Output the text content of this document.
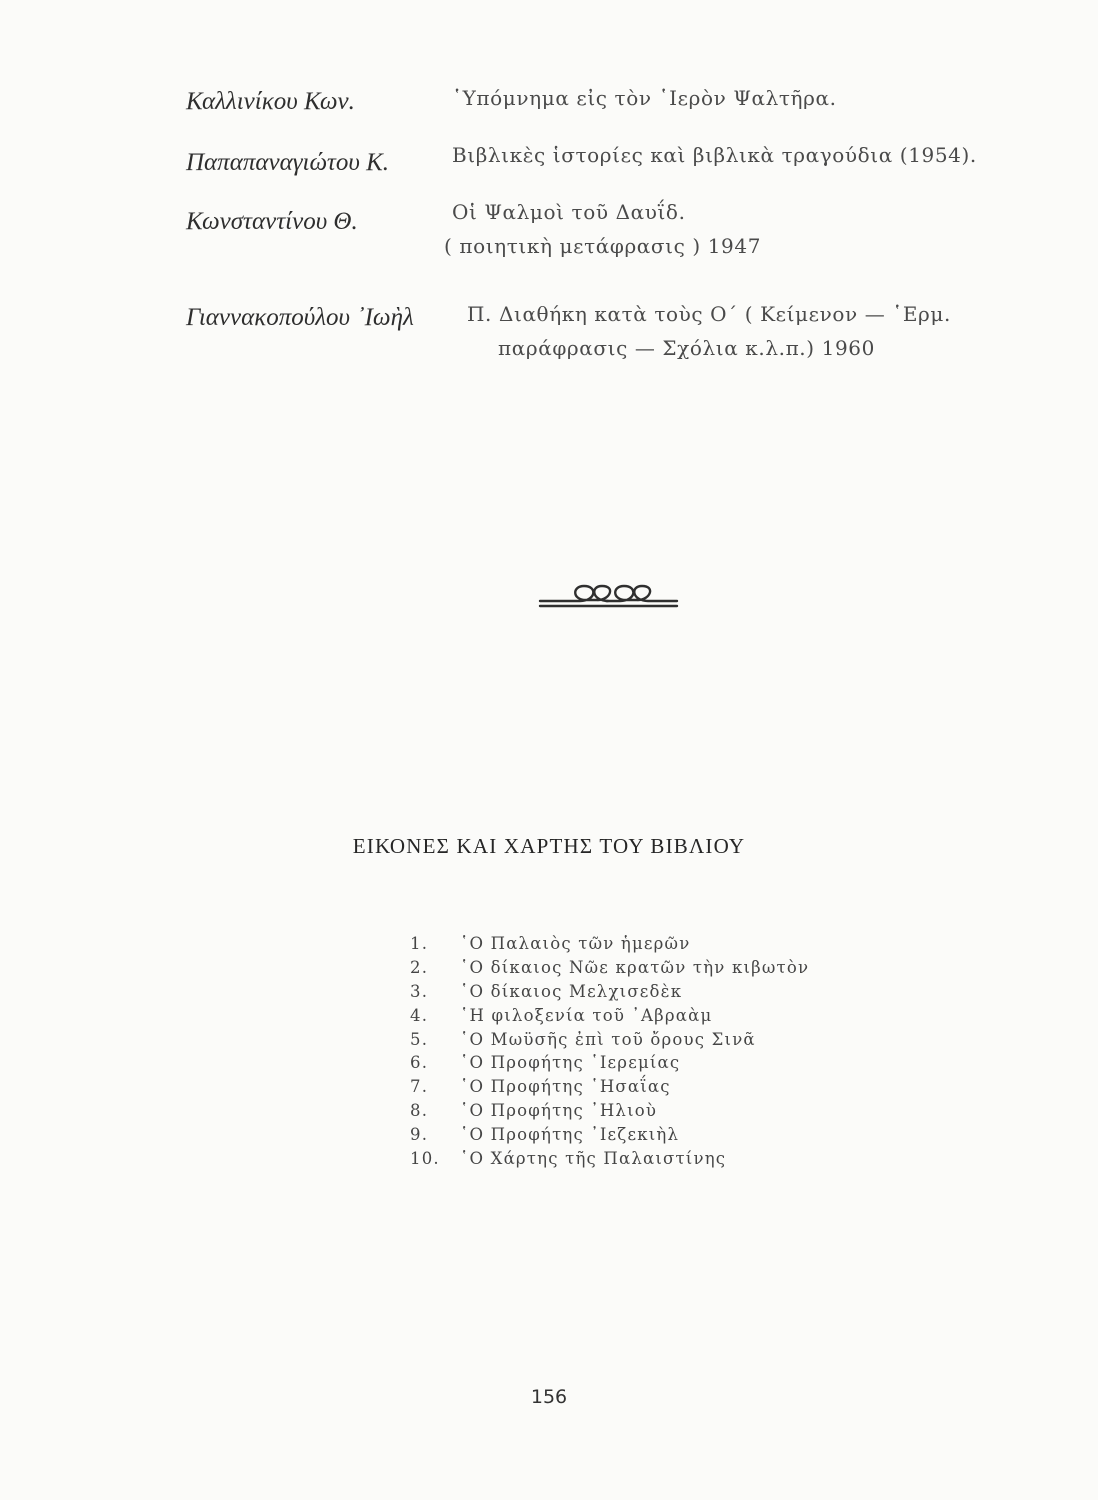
Καλλινίκου Κων.	῾Υπόμνημα εἰς τὸν ῾Ιερὸν Ψαλτῆρα.
Παπαπαναγιώτου Κ.	Βιβλικὲς ἱστορίες καὶ βιβλικὰ τραγούδια (1954).
Κωνσταντίνου Θ.	Οἱ Ψαλμοὶ τοῦ Δαυΐδ.
( ποιητικὴ μετάφρασις ) 1947
Γιαννακοπούλου ᾽Ιωὴλ	Π. Διαθήκη κατὰ τοὺς Ο΄ ( Κείμενον — ῾Ερμ.
παράφρασις — Σχόλια κ.λ.π.) 1960
ΕΙΚΟΝΕΣ ΚΑΙ ΧΑΡΤΗΣ ΤΟΥ ΒΙΒΛΙΟΥ
1. ῾Ο Παλαιὸς τῶν ἡμερῶν
2. ῾Ο δίκαιος Νῶε κρατῶν τὴν κιβωτὸν
3. ῾Ο δίκαιος Μελχισεδὲκ
4. ῾Η φιλοξενία τοῦ ᾽Αβραὰμ
5. ῾Ο Μωϋσῆς ἐπὶ τοῦ ὄρους Σινᾶ
6. ῾Ο Προφήτης ῾Ιερεμίας
7. ῾Ο Προφήτης ῾Ησαΐας
8. ῾Ο Προφήτης ᾽Ηλιοὺ
9. ῾Ο Προφήτης ᾽Ιεζεκιὴλ
10. ῾Ο Χάρτης τῆς Παλαιστίνης
156
